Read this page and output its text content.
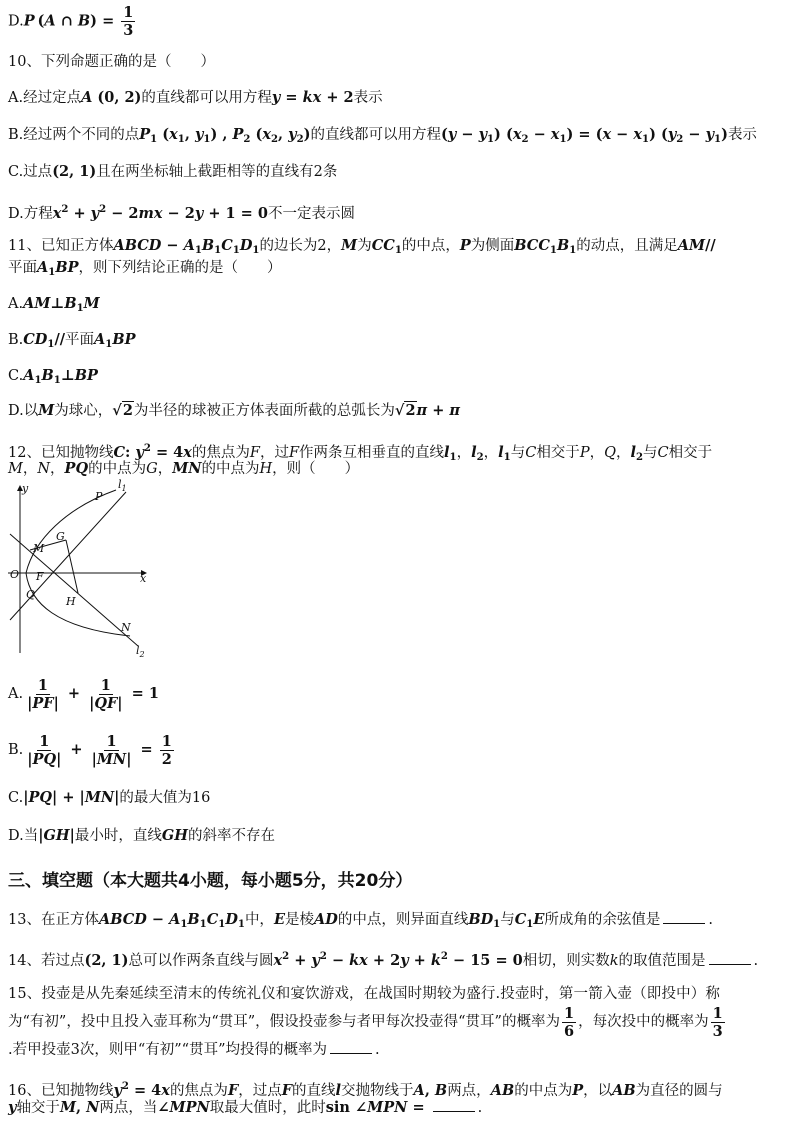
D.P (A ∩ $B) = \frac{1}{3}$
10、下列命题正确的是（　　）
A.经过定点A (0, 2)的直线都可以用方程y = kx + 2表示
B.经过两个不同的点$P_1$ ($x_1$, $y_1$) , $P_2$ ($x_2$, $y_2$)的直线都可以用方程$(y - y_1)$ $(x_2 - x_1) = (x - x_1) (y_2 - y_1)$表示
C.过点(2, 1)且在两坐标轴上截距相等的直线有2条
D.方程$x^2 + y^2 - 2mx - 2y + 1 = 0$不一定表示圆
11、已知正方体ABCD − $A_1B_1C_1D_1$的边长为2，M为$CC_1$的中点，P为侧面$BCC_1B_1$的动点，且满足AM//
平面$A_1BP$，则下列结论正确的是（　　）
$A.AM\perp B_1M$
$B.CD_1//$平面$A_1BP$
$C.A_1B_1\perp BP$
D.以M为球心，√2为半径的球被正方体表面所截的总弧长为√2π + π
12、已知抛物线C: $y^2 = 4x$的焦点为F，过F作两条互相垂直的直线$l_1$，$l_2$，$l_1$与C相交于P，Q，$l_2$与C相交于
M，N，PQ的中点为G，MN的中点为H，则（　　）
y
x
O F
M
G
P
Q
H
N
$l_1$
$l_2$
A. $\frac{1}{|PF|} + \frac{1}{|QF|} = 1$
B. $\frac{1}{|PQ|} + \frac{1}{|MN|} = \frac{1}{2}$
C.|PQ| + |MN|的最大值为16
D.当|GH|最小时，直线GH的斜率不存在
三、填空题（本大题共4小题，每小题5分，共20分）
13、在正方体ABCD − $A_1B_1C_1D_1$中，E是棱AD的中点，则异面直线$BD_1$与$C_1E$所成角的余弦值是	.
14、若过点(2, 1)总可以作两条直线与圆$x^2 + y^2$ − kx + $2y + k^2 - 15 = 0$相切，则实数k的取值范围是	.
15、投壶是从先秦延续至清末的传统礼仪和宴饮游戏，在战国时期较为盛行.投壶时，第一箭入壶（即投中）称
为“有初”，投中且投入壶耳称为“贯耳”，假设投壶参与者甲每次投壶得“贯耳”的概率为 $\frac{1}{6}$ ，每次投中的概率为 $\frac{1}{3}$
.若甲投壶3次，则甲“有初”“贯耳”均投得的概率为	.
16、已知抛物线$y^2 = 4x$的焦点为F，过点F的直线l交抛物线于A, B两点，AB的中点为P，以AB为直径的圆与
y轴交于M, N两点，当∠MPN取最大值时，此时sin ∠MPN =	.
